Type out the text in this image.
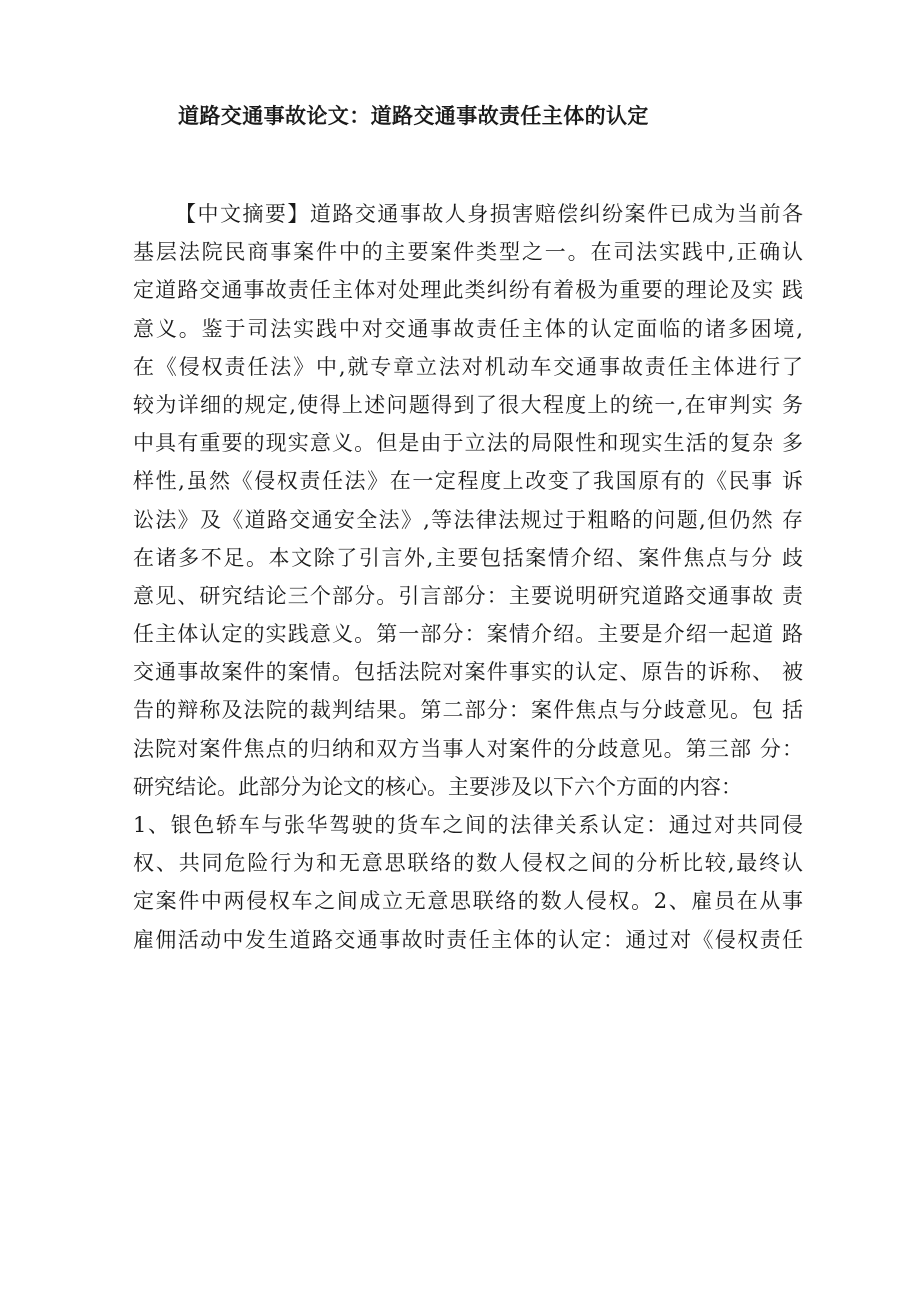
道路交通事故论文：道路交通事故责任主体的认定
【中文摘要】道路交通事故人身损害赔偿纠纷案件已成为当前各
基层法院民商事案件中的主要案件类型之一。在司法实践中,正确认
定道路交通事故责任主体对处理此类纠纷有着极为重要的理论及实 践
意义。鉴于司法实践中对交通事故责任主体的认定面临的诸多困境,
在《侵权责任法》中,就专章立法对机动车交通事故责任主体进行了
较为详细的规定,使得上述问题得到了很大程度上的统一,在审判实 务
中具有重要的现实意义。但是由于立法的局限性和现实生活的复杂 多
样性,虽然《侵权责任法》在一定程度上改变了我国原有的《民事 诉
讼法》及《道路交通安全法》,等法律法规过于粗略的问题,但仍然 存
在诸多不足。本文除了引言外,主要包括案情介绍、案件焦点与分 歧
意见、研究结论三个部分。引言部分：主要说明研究道路交通事故 责
任主体认定的实践意义。第一部分：案情介绍。主要是介绍一起道 路
交通事故案件的案情。包括法院对案件事实的认定、原告的诉称、 被
告的辩称及法院的裁判结果。第二部分：案件焦点与分歧意见。包 括
法院对案件焦点的归纳和双方当事人对案件的分歧意见。第三部 分：
研究结论。此部分为论文的核心。主要涉及以下六个方面的内容：
1、银色轿车与张华驾驶的货车之间的法律关系认定：通过对共同侵
权、共同危险行为和无意思联络的数人侵权之间的分析比较,最终认
定案件中两侵权车之间成立无意思联络的数人侵权。2、雇员在从事
雇佣活动中发生道路交通事故时责任主体的认定：通过对《侵权责任
